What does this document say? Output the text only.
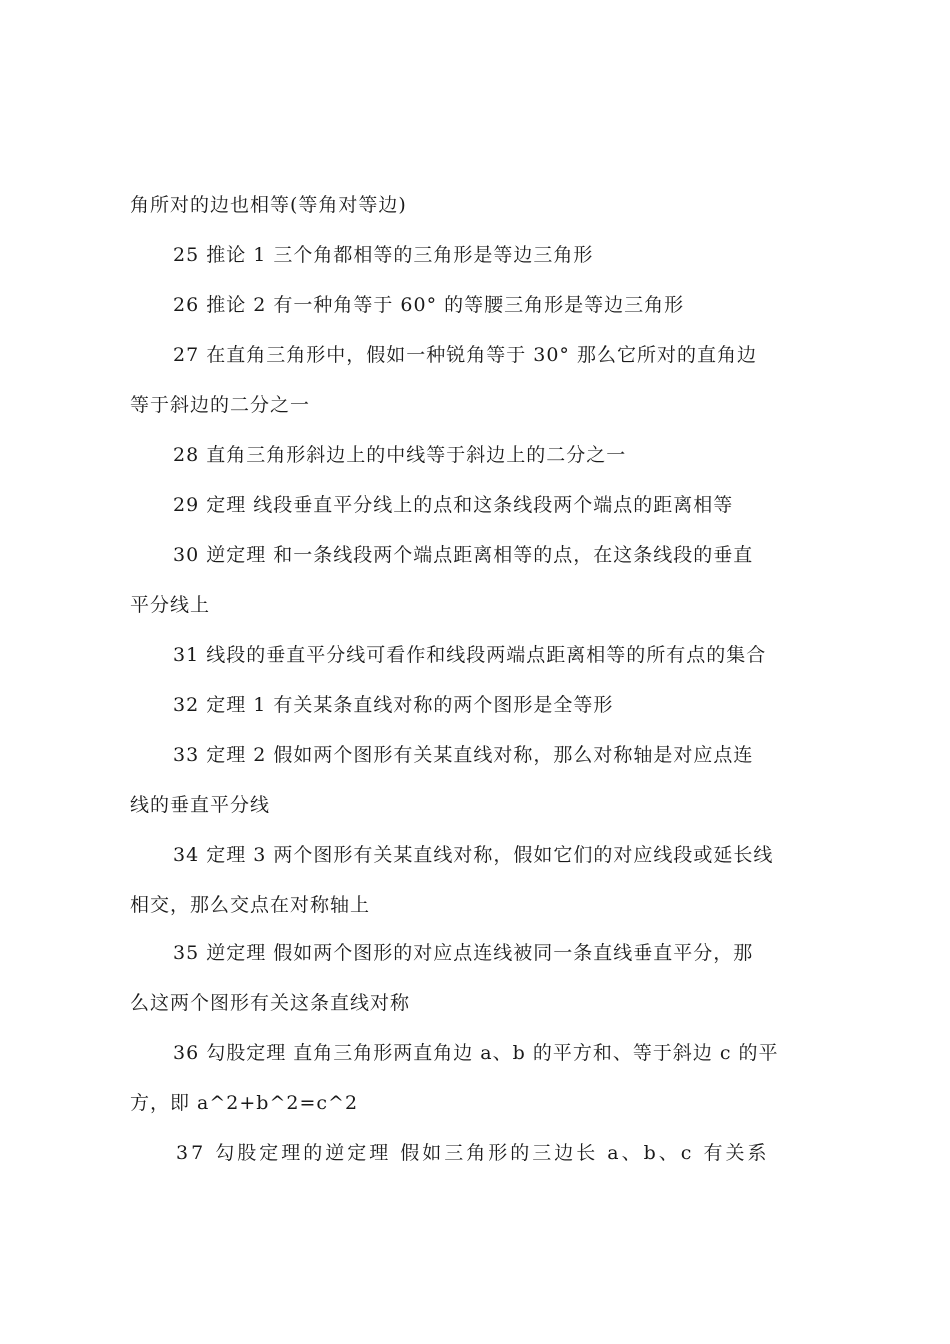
角所对的边也相等(等角对等边)
25 推论 1 三个角都相等的三角形是等边三角形
26 推论 2 有一种角等于 60° 的等腰三角形是等边三角形
27 在直角三角形中，假如一种锐角等于 30° 那么它所对的直角边
等于斜边的二分之一
28 直角三角形斜边上的中线等于斜边上的二分之一
29 定理 线段垂直平分线上的点和这条线段两个端点的距离相等
30 逆定理 和一条线段两个端点距离相等的点，在这条线段的垂直
平分线上
31 线段的垂直平分线可看作和线段两端点距离相等的所有点的集合
32 定理 1 有关某条直线对称的两个图形是全等形
33 定理 2 假如两个图形有关某直线对称，那么对称轴是对应点连
线的垂直平分线
34 定理 3 两个图形有关某直线对称，假如它们的对应线段或延长线
相交，那么交点在对称轴上
35 逆定理 假如两个图形的对应点连线被同一条直线垂直平分，那
么这两个图形有关这条直线对称
36 勾股定理 直角三角形两直角边 a、b 的平方和、等于斜边 c 的平
方，即 a^2+b^2=c^2
37 勾股定理的逆定理 假如三角形的三边长 a、b、c 有关系
